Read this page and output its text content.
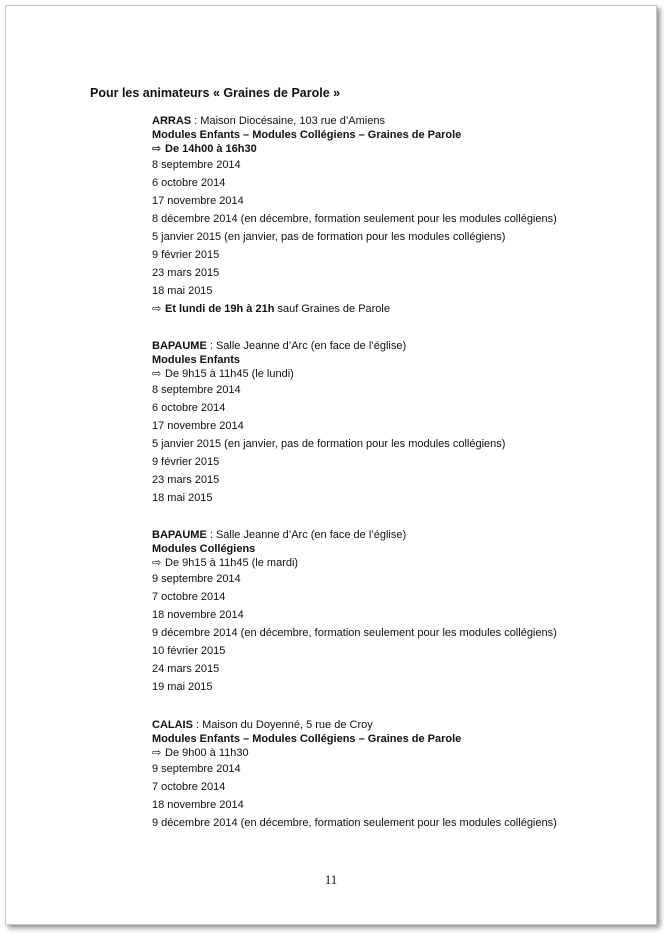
Pour les animateurs « Graines de Parole »
ARRAS : Maison Diocésaine, 103 rue d’Amiens
Modules Enfants – Modules Collégiens – Graines de Parole
⇨ De 14h00 à 16h30
8 septembre 2014
6 octobre 2014
17 novembre 2014
8 décembre 2014 (en décembre, formation seulement pour les modules collégiens)
5 janvier 2015 (en janvier, pas de formation pour les modules collégiens)
9 février 2015
23 mars 2015
18 mai 2015
⇨ Et lundi de 19h à 21h sauf Graines de Parole
BAPAUME : Salle Jeanne d’Arc (en face de l’église)
Modules Enfants
⇨ De 9h15 à 11h45 (le lundi)
8 septembre 2014
6 octobre 2014
17 novembre 2014
5 janvier 2015 (en janvier, pas de formation pour les modules collégiens)
9 février 2015
23 mars 2015
18 mai 2015
BAPAUME : Salle Jeanne d’Arc (en face de l’église)
Modules Collégiens
⇨ De 9h15 à 11h45 (le mardi)
9 septembre 2014
7 octobre 2014
18 novembre 2014
9 décembre 2014 (en décembre, formation seulement pour les modules collégiens)
10 février 2015
24 mars 2015
19 mai 2015
CALAIS : Maison du Doyenné, 5 rue de Croy
Modules Enfants – Modules Collégiens – Graines de Parole
⇨ De 9h00 à 11h30
9 septembre 2014
7 octobre 2014
18 novembre 2014
9 décembre 2014 (en décembre, formation seulement pour les modules collégiens)
11
